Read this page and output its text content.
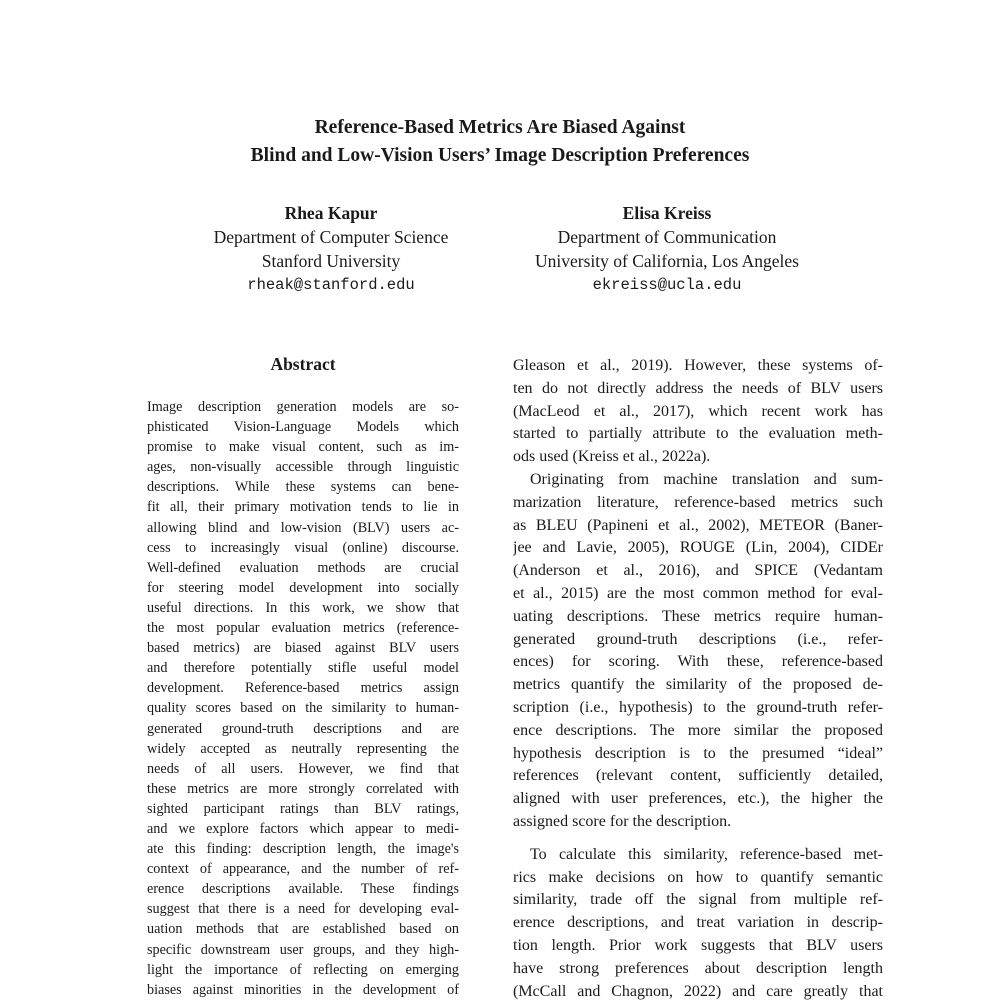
Reference-Based Metrics Are Biased Against
Blind and Low-Vision Users’ Image Description Preferences
Rhea Kapur
Department of Computer Science
Stanford University
rheak@stanford.edu
Elisa Kreiss
Department of Communication
University of California, Los Angeles
ekreiss@ucla.edu
Abstract
Image description generation models are so-
phisticated Vision-Language Models which
promise to make visual content, such as im-
ages, non-visually accessible through linguistic
descriptions. While these systems can bene-
fit all, their primary motivation tends to lie in
allowing blind and low-vision (BLV) users ac-
cess to increasingly visual (online) discourse.
Well-defined evaluation methods are crucial
for steering model development into socially
useful directions. In this work, we show that
the most popular evaluation metrics (reference-
based metrics) are biased against BLV users
and therefore potentially stifle useful model
development. Reference-based metrics assign
quality scores based on the similarity to human-
generated ground-truth descriptions and are
widely accepted as neutrally representing the
needs of all users. However, we find that
these metrics are more strongly correlated with
sighted participant ratings than BLV ratings,
and we explore factors which appear to medi-
ate this finding: description length, the image's
context of appearance, and the number of ref-
erence descriptions available. These findings
suggest that there is a need for developing eval-
uation methods that are established based on
specific downstream user groups, and they high-
light the importance of reflecting on emerging
biases against minorities in the development of
Gleason et al., 2019). However, these systems of-
ten do not directly address the needs of BLV users
(MacLeod et al., 2017), which recent work has
started to partially attribute to the evaluation meth-
ods used (Kreiss et al., 2022a).
Originating from machine translation and sum-
marization literature, reference-based metrics such
as BLEU (Papineni et al., 2002), METEOR (Baner-
jee and Lavie, 2005), ROUGE (Lin, 2004), CIDEr
(Anderson et al., 2016), and SPICE (Vedantam
et al., 2015) are the most common method for eval-
uating descriptions. These metrics require human-
generated ground-truth descriptions (i.e., refer-
ences) for scoring. With these, reference-based
metrics quantify the similarity of the proposed de-
scription (i.e., hypothesis) to the ground-truth refer-
ence descriptions. The more similar the proposed
hypothesis description is to the presumed “ideal”
references (relevant content, sufficiently detailed,
aligned with user preferences, etc.), the higher the
assigned score for the description.
To calculate this similarity, reference-based met-
rics make decisions on how to quantify semantic
similarity, trade off the signal from multiple ref-
erence descriptions, and treat variation in descrip-
tion length. Prior work suggests that BLV users
have strong preferences about description length
(McCall and Chagnon, 2022) and care greatly that
